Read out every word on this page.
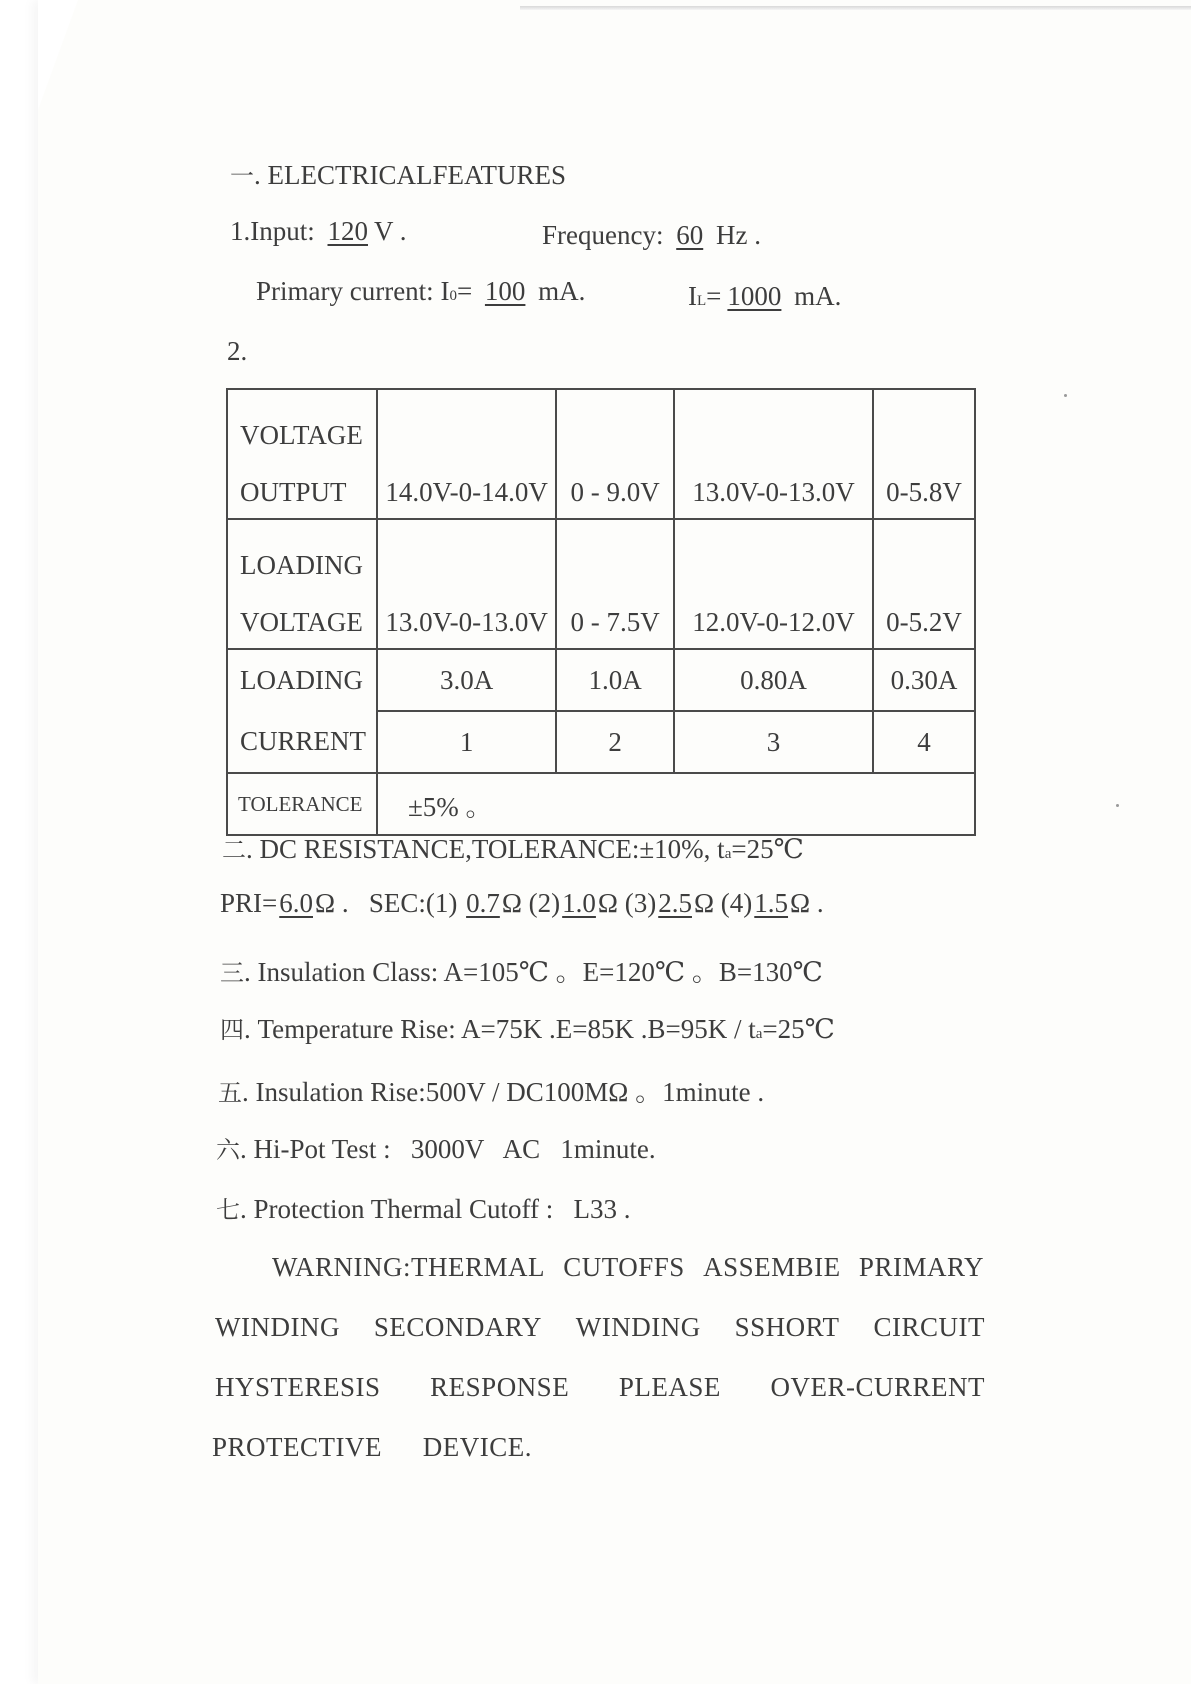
一. ELECTRICALFEATURES
1.Input: 120 V .	Frequency: 60 Hz .
Primary current: I0= 100 mA.	IL= 1000 mA.
2.
VOLTAGE
OUTPUT	14.0V-0-14.0V	0 - 9.0V	13.0V-0-13.0V	0-5.8V

LOADING
VOLTAGE	13.0V-0-13.0V	0 - 7.5V	12.0V-0-12.0V	0-5.2V

LOADING
CURRENT	3.0A	1.0A	0.80A	0.30A
	1	2	3	4
TOLERANCE	±5% 。			
二. DC RESISTANCE,TOLERANCE:±10%, ta=25℃
PRI=6.0Ω . SEC:(1) 0.7Ω (2)1.0Ω (3)2.5Ω (4)1.5Ω .
三. Insulation Class: A=105℃ 。E=120℃ 。B=130℃
四. Temperature Rise: A=75K .E=85K .B=95K / ta=25℃
五. Insulation Rise:500V / DC100MΩ 。1minute .
六. Hi-Pot Test :   3000V   AC   1minute.
七. Protection Thermal Cutoff :   L33 .
WARNING:THERMAL CUTOFFS ASSEMBIE PRIMARY
WINDING SECONDARY WINDING SSHORT CIRCUIT
HYSTERESIS RESPONSE PLEASE OVER-CURRENT
PROTECTIVE DEVICE.
